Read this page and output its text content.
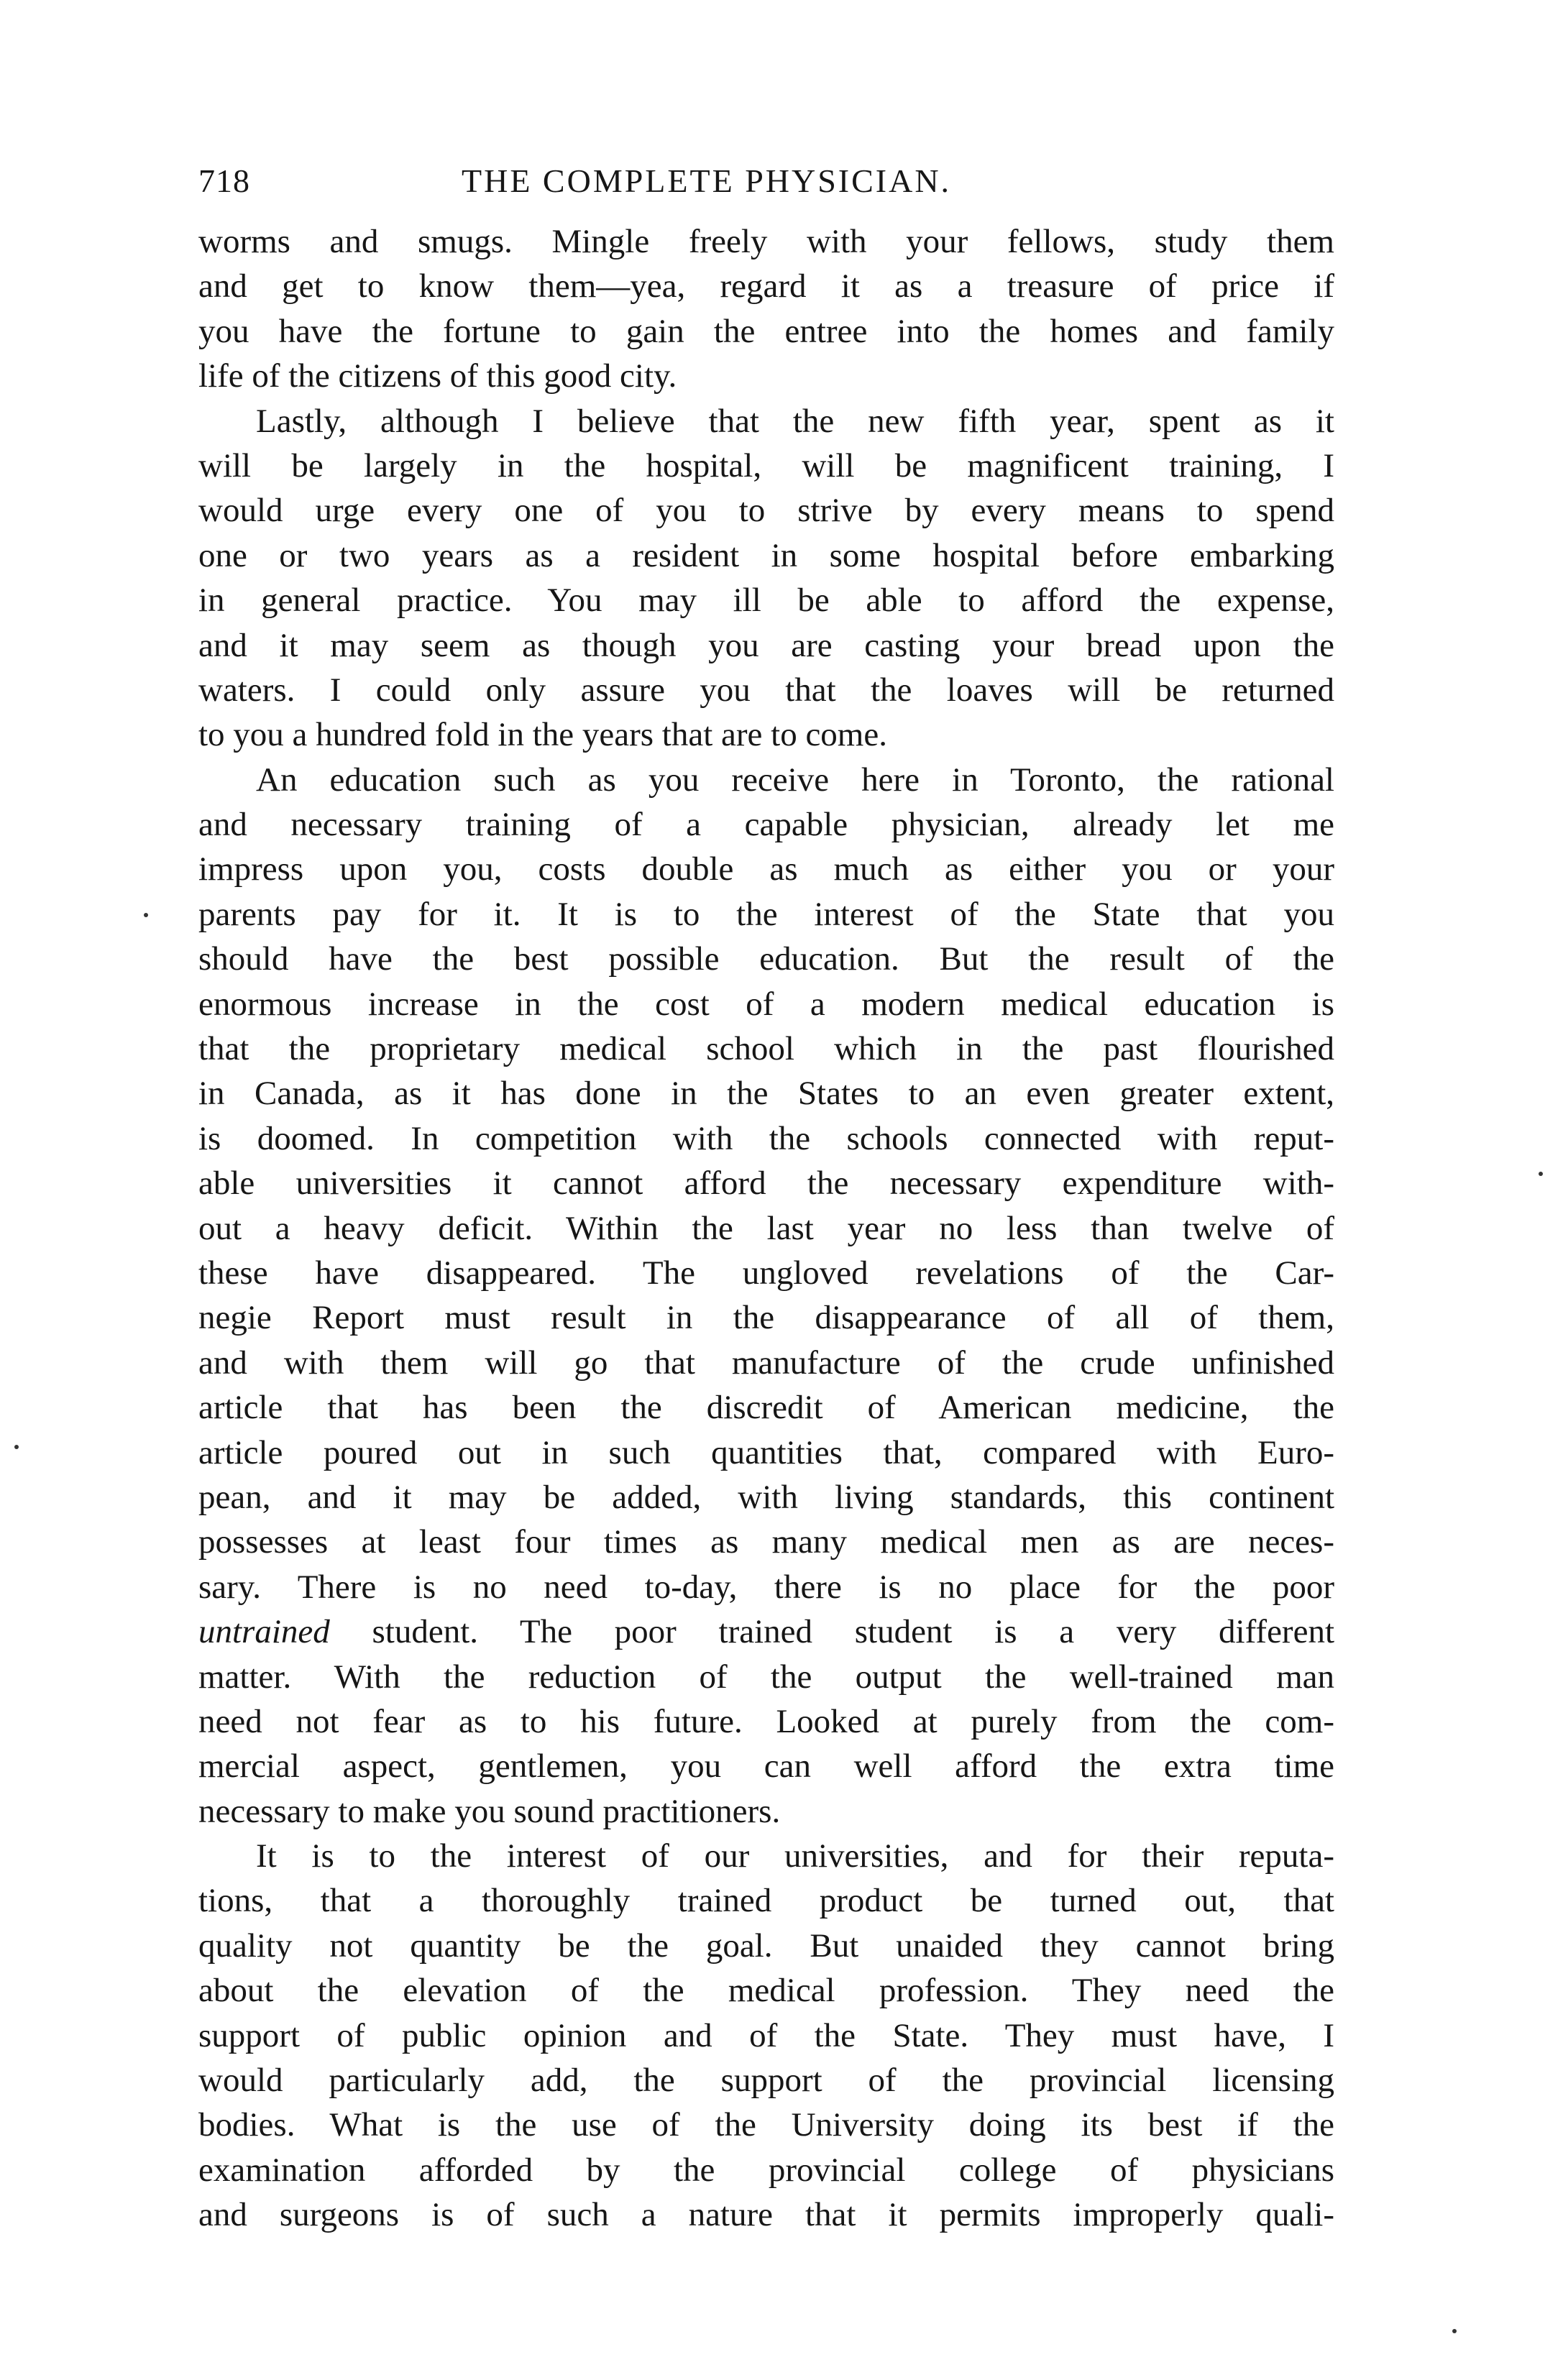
718	THE COMPLETE PHYSICIAN.
worms and smugs. Mingle freely with your fellows, study them
and get to know them—yea, regard it as a treasure of price if
you have the fortune to gain the entree into the homes and family
life of the citizens of this good city.
Lastly, although I believe that the new fifth year, spent as it
will be largely in the hospital, will be magnificent training, I
would urge every one of you to strive by every means to spend
one or two years as a resident in some hospital before embarking
in general practice. You may ill be able to afford the expense,
and it may seem as though you are casting your bread upon the
waters. I could only assure you that the loaves will be returned
to you a hundred fold in the years that are to come.
An education such as you receive here in Toronto, the rational
and necessary training of a capable physician, already let me
impress upon you, costs double as much as either you or your
parents pay for it. It is to the interest of the State that you
should have the best possible education. But the result of the
enormous increase in the cost of a modern medical education is
that the proprietary medical school which in the past flourished
in Canada, as it has done in the States to an even greater extent,
is doomed. In competition with the schools connected with reput-
able universities it cannot afford the necessary expenditure with-
out a heavy deficit. Within the last year no less than twelve of
these have disappeared. The ungloved revelations of the Car-
negie Report must result in the disappearance of all of them,
and with them will go that manufacture of the crude unfinished
article that has been the discredit of American medicine, the
article poured out in such quantities that, compared with Euro-
pean, and it may be added, with living standards, this continent
possesses at least four times as many medical men as are neces-
sary. There is no need to-day, there is no place for the poor
untrained student. The poor trained student is a very different
matter. With the reduction of the output the well-trained man
need not fear as to his future. Looked at purely from the com-
mercial aspect, gentlemen, you can well afford the extra time
necessary to make you sound practitioners.
It is to the interest of our universities, and for their reputa-
tions, that a thoroughly trained product be turned out, that
quality not quantity be the goal. But unaided they cannot bring
about the elevation of the medical profession. They need the
support of public opinion and of the State. They must have, I
would particularly add, the support of the provincial licensing
bodies. What is the use of the University doing its best if the
examination afforded by the provincial college of physicians
and surgeons is of such a nature that it permits improperly quali-
